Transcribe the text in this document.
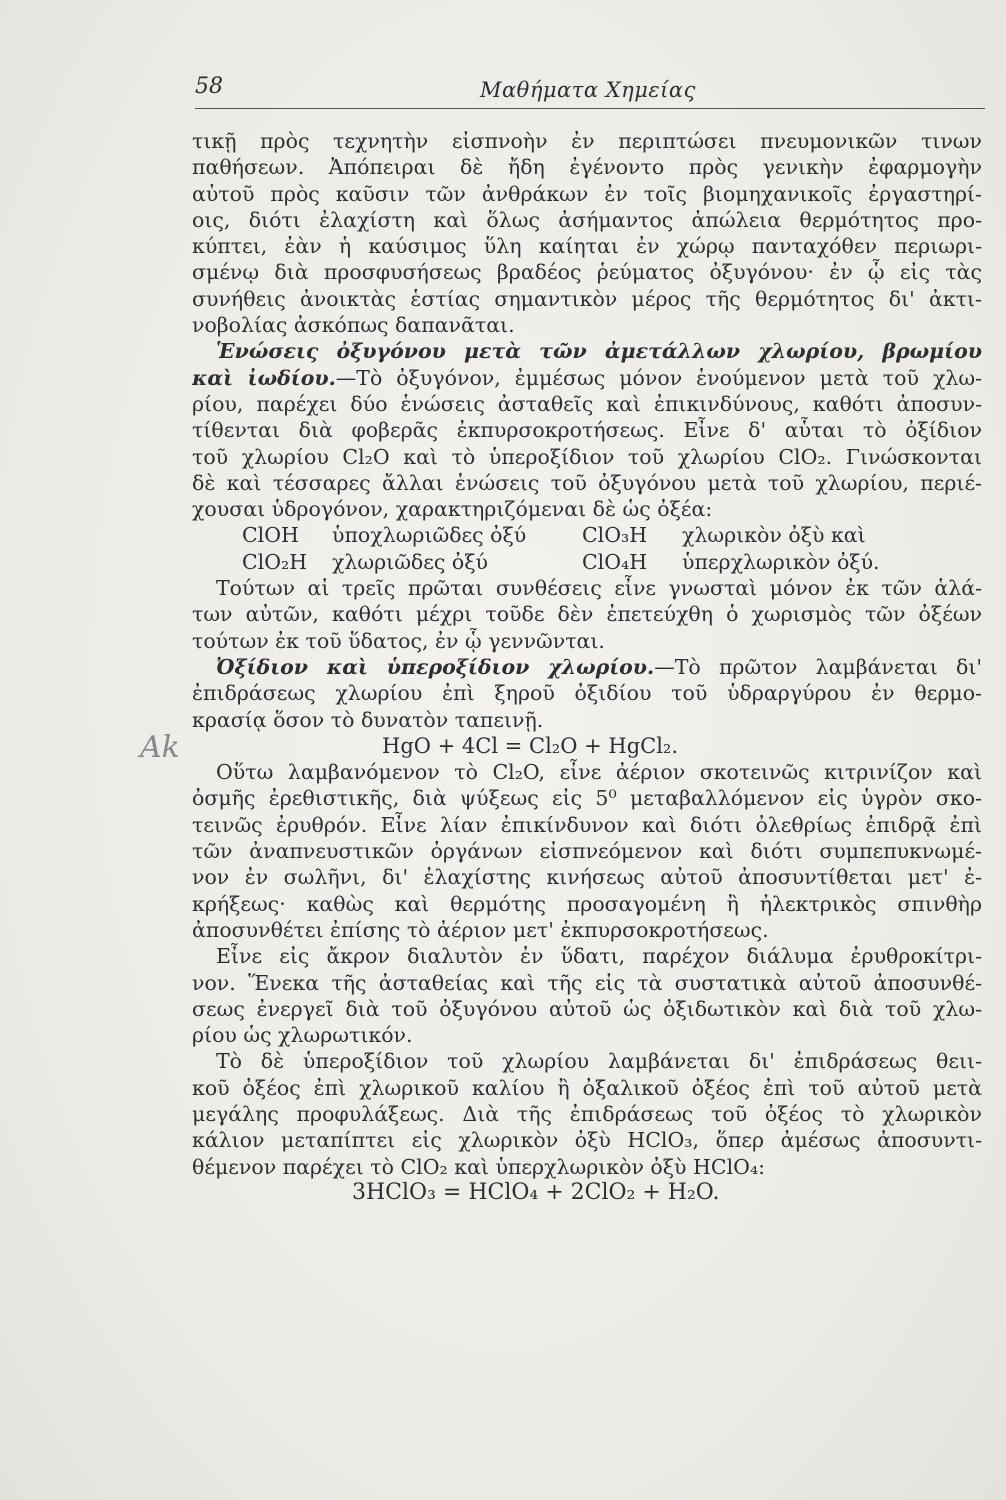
58	Μαθήματα Χημείας
Ak
τικῇ πρὸς τεχνητὴν εἰσπνοὴν ἐν περιπτώσει πνευμονικῶν τινων
παθήσεων. Ἀπόπειραι δὲ ἤδη ἐγένοντο πρὸς γενικὴν ἐφαρμογὴν
αὐτοῦ πρὸς καῦσιν τῶν ἀνθράκων ἐν τοῖς βιομηχανικοῖς ἐργαστηρί-
οις, διότι ἐλαχίστη καὶ ὅλως ἀσήμαντος ἀπώλεια θερμότητος προ-
κύπτει, ἐὰν ἡ καύσιμος ὕλη καίηται ἐν χώρῳ πανταχόθεν περιωρι-
σμένῳ διὰ προσφυσήσεως βραδέος ῥεύματος ὀξυγόνου· ἐν ᾧ εἰς τὰς
συνήθεις ἀνοικτὰς ἑστίας σημαντικὸν μέρος τῆς θερμότητος δι' ἀκτι-
νοβολίας ἀσκόπως δαπανᾶται.
Ἑνώσεις ὀξυγόνου μετὰ τῶν ἀμετάλλων χλωρίου, βρωμίου
καὶ ἰωδίου.—Τὸ ὀξυγόνον, ἐμμέσως μόνον ἑνούμενον μετὰ τοῦ χλω-
ρίου, παρέχει δύο ἑνώσεις ἀσταθεῖς καὶ ἐπικινδύνους, καθότι ἀποσυν-
τίθενται διὰ φοβερᾶς ἐκπυρσοκροτήσεως. Εἶνε δ' αὗται τὸ ὀξίδιον
τοῦ χλωρίου Cl₂O καὶ τὸ ὑπεροξίδιον τοῦ χλωρίου ClO₂. Γινώσκονται
δὲ καὶ τέσσαρες ἄλλαι ἑνώσεις τοῦ ὀξυγόνου μετὰ τοῦ χλωρίου, περιέ-
χουσαι ὑδρογόνον, χαρακτηριζόμεναι δὲ ὡς ὀξέα:
ClOH	ὑποχλωριῶδες ὀξύ	ClO₃H	χλωρικὸν ὀξὺ καὶ
ClO₂H	χλωριῶδες ὀξύ	ClO₄H	ὑπερχλωρικὸν ὀξύ.
Τούτων αἱ τρεῖς πρῶται συνθέσεις εἶνε γνωσταὶ μόνον ἐκ τῶν ἁλά-
των αὐτῶν, καθότι μέχρι τοῦδε δὲν ἐπετεύχθη ὁ χωρισμὸς τῶν ὀξέων
τούτων ἐκ τοῦ ὕδατος, ἐν ᾧ γεννῶνται.
Ὀξίδιον καὶ ὑπεροξίδιον χλωρίου.—Τὸ πρῶτον λαμβάνεται δι'
ἐπιδράσεως χλωρίου ἐπὶ ξηροῦ ὀξιδίου τοῦ ὑδραργύρου ἐν θερμο-
κρασίᾳ ὅσον τὸ δυνατὸν ταπεινῇ.
HgO + 4Cl = Cl₂O + HgCl₂.
Οὕτω λαμβανόμενον τὸ Cl₂O, εἶνε ἀέριον σκοτεινῶς κιτρινίζον καὶ
ὀσμῆς ἐρεθιστικῆς, διὰ ψύξεως εἰς 5⁰ μεταβαλλόμενον εἰς ὑγρὸν σκο-
τεινῶς ἐρυθρόν. Εἶνε λίαν ἐπικίνδυνον καὶ διότι ὀλεθρίως ἐπιδρᾷ ἐπὶ
τῶν ἀναπνευστικῶν ὀργάνων εἰσπνεόμενον καὶ διότι συμπεπυκνωμέ-
νον ἐν σωλῆνι, δι' ἐλαχίστης κινήσεως αὐτοῦ ἀποσυντίθεται μετ' ἐ-
κρήξεως· καθὼς καὶ θερμότης προσαγομένη ἢ ἠλεκτρικὸς σπινθὴρ
ἀποσυνθέτει ἐπίσης τὸ ἀέριον μετ' ἐκπυρσοκροτήσεως.
Εἶνε εἰς ἄκρον διαλυτὸν ἐν ὕδατι, παρέχον διάλυμα ἐρυθροκίτρι-
νον. Ἕνεκα τῆς ἀσταθείας καὶ τῆς εἰς τὰ συστατικὰ αὐτοῦ ἀποσυνθέ-
σεως ἐνεργεῖ διὰ τοῦ ὀξυγόνου αὐτοῦ ὡς ὀξιδωτικὸν καὶ διὰ τοῦ χλω-
ρίου ὡς χλωρωτικόν.
Τὸ δὲ ὑπεροξίδιον τοῦ χλωρίου λαμβάνεται δι' ἐπιδράσεως θειι-
κοῦ ὀξέος ἐπὶ χλωρικοῦ καλίου ἢ ὀξαλικοῦ ὀξέος ἐπὶ τοῦ αὐτοῦ μετὰ
μεγάλης προφυλάξεως. Διὰ τῆς ἐπιδράσεως τοῦ ὀξέος τὸ χλωρικὸν
κάλιον μεταπίπτει εἰς χλωρικὸν ὀξὺ HClO₃, ὅπερ ἀμέσως ἀποσυντι-
θέμενον παρέχει τὸ ClO₂ καὶ ὑπερχλωρικὸν ὀξὺ HClO₄:
3HClO₃ = HClO₄ + 2ClO₂ + H₂O.
